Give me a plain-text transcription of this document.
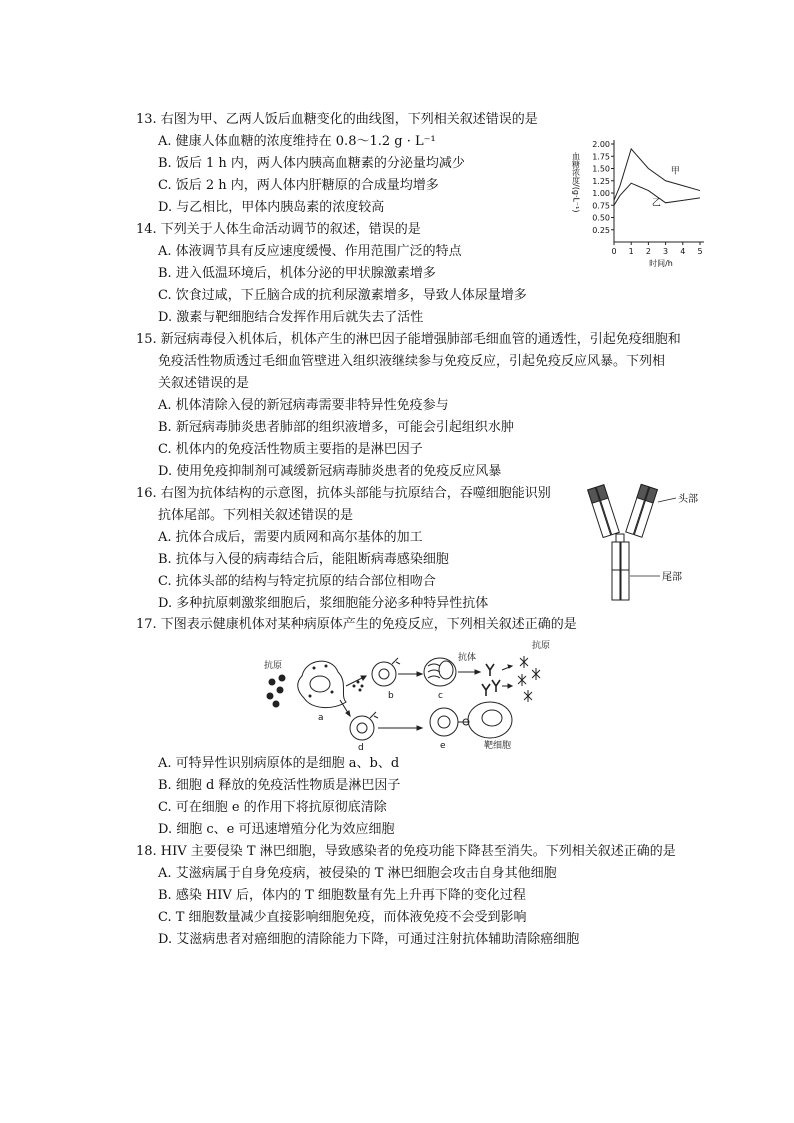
13. 右图为甲、乙两人饭后血糖变化的曲线图，下列相关叙述错误的是
A. 健康人体血糖的浓度维持在 0.8～1.2 g · L⁻¹
B. 饭后 1 h 内，两人体内胰高血糖素的分泌量均减少
C. 饭后 2 h 内，两人体内肝糖原的合成量均增多
D. 与乙相比，甲体内胰岛素的浓度较高
0.25
0.50
0.75
1.00
1.25
1.50
1.75
2.00
0 1 2 3 4 5
时间/h
血糖浓度/(g·L⁻¹)	甲
乙
14. 下列关于人体生命活动调节的叙述，错误的是
A. 体液调节具有反应速度缓慢、作用范围广泛的特点
B. 进入低温环境后，机体分泌的甲状腺激素增多
C. 饮食过咸，下丘脑合成的抗利尿激素增多，导致人体尿量增多
D. 激素与靶细胞结合发挥作用后就失去了活性
15. 新冠病毒侵入机体后，机体产生的淋巴因子能增强肺部毛细血管的通透性，引起免疫细胞和
免疫活性物质透过毛细血管壁进入组织液继续参与免疫反应，引起免疫反应风暴。下列相
关叙述错误的是
A. 机体清除入侵的新冠病毒需要非特异性免疫参与
B. 新冠病毒肺炎患者肺部的组织液增多，可能会引起组织水肿
C. 机体内的免疫活性物质主要指的是淋巴因子
D. 使用免疫抑制剂可减缓新冠病毒肺炎患者的免疫反应风暴
16. 右图为抗体结构的示意图，抗体头部能与抗原结合，吞噬细胞能识别
抗体尾部。下列相关叙述错误的是
A. 抗体合成后，需要内质网和高尔基体的加工
B. 抗体与入侵的病毒结合后，能阻断病毒感染细胞
C. 抗体头部的结构与特定抗原的结合部位相吻合
D. 多种抗原刺激浆细胞后，浆细胞能分泌多种特异性抗体
头部
尾部
17. 下图表示健康机体对某种病原体产生的免疫反应，下列相关叙述正确的是
抗原
抗原
抗体
靶细胞
a
b	c
d	e
A. 可特异性识别病原体的是细胞 a、b、d
B. 细胞 d 释放的免疫活性物质是淋巴因子
C. 可在细胞 e 的作用下将抗原彻底清除
D. 细胞 c、e 可迅速增殖分化为效应细胞
18. HIV 主要侵染 T 淋巴细胞，导致感染者的免疫功能下降甚至消失。下列相关叙述正确的是
A. 艾滋病属于自身免疫病，被侵染的 T 淋巴细胞会攻击自身其他细胞
B. 感染 HIV 后，体内的 T 细胞数量有先上升再下降的变化过程
C. T 细胞数量减少直接影响细胞免疫，而体液免疫不会受到影响
D. 艾滋病患者对癌细胞的清除能力下降，可通过注射抗体辅助清除癌细胞
